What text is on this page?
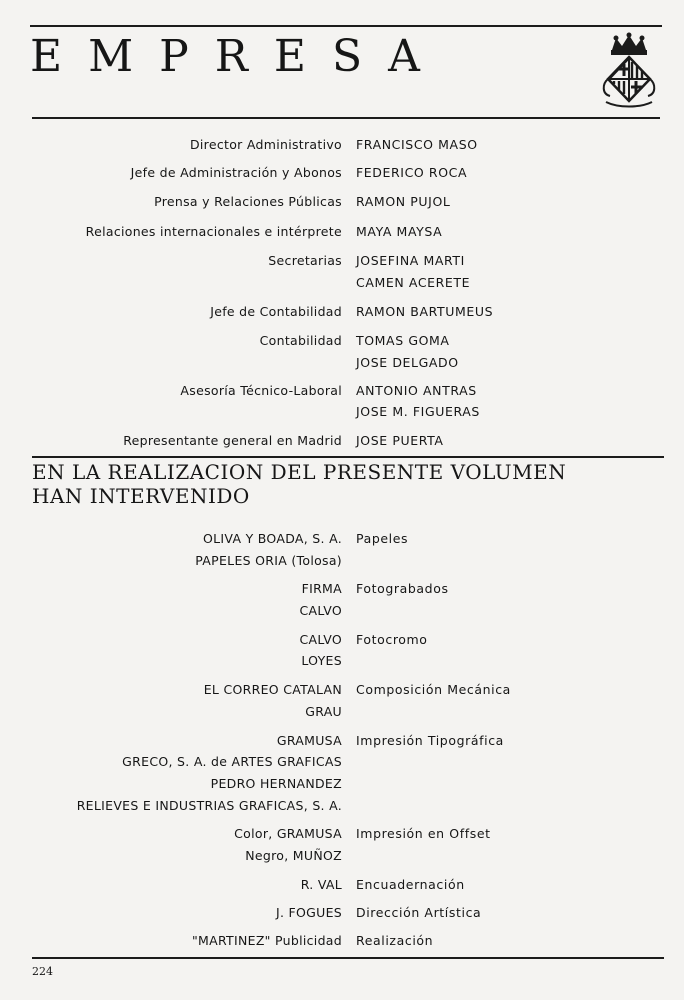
EMPRESA
Director Administrativo FRANCISCO MASO
Jefe de Administración y Abonos FEDERICO ROCA
Prensa y Relaciones Públicas RAMON PUJOL
Relaciones internacionales e intérprete MAYA MAYSA
Secretarias JOSEFINA MARTI
CAMEN ACERETE
Jefe de Contabilidad RAMON BARTUMEUS
Contabilidad TOMAS GOMA
JOSE DELGADO
Asesoría Técnico-Laboral ANTONIO ANTRAS
JOSE M. FIGUERAS
Representante general en Madrid JOSE PUERTA
EN LA REALIZACION DEL PRESENTE VOLUMEN
HAN INTERVENIDO
OLIVA Y BOADA, S. A. Papeles
PAPELES ORIA (Tolosa)
FIRMA Fotograbados
CALVO
CALVO Fotocromo
LOYES
EL CORREO CATALAN Composición Mecánica
GRAU
GRAMUSA Impresión Tipográfica
GRECO, S. A. de ARTES GRAFICAS
PEDRO HERNANDEZ
RELIEVES E INDUSTRIAS GRAFICAS, S. A.
Color, GRAMUSA Impresión en Offset
Negro, MUÑOZ
R. VAL Encuadernación
J. FOGUES Dirección Artística
"MARTINEZ" Publicidad Realización
224
